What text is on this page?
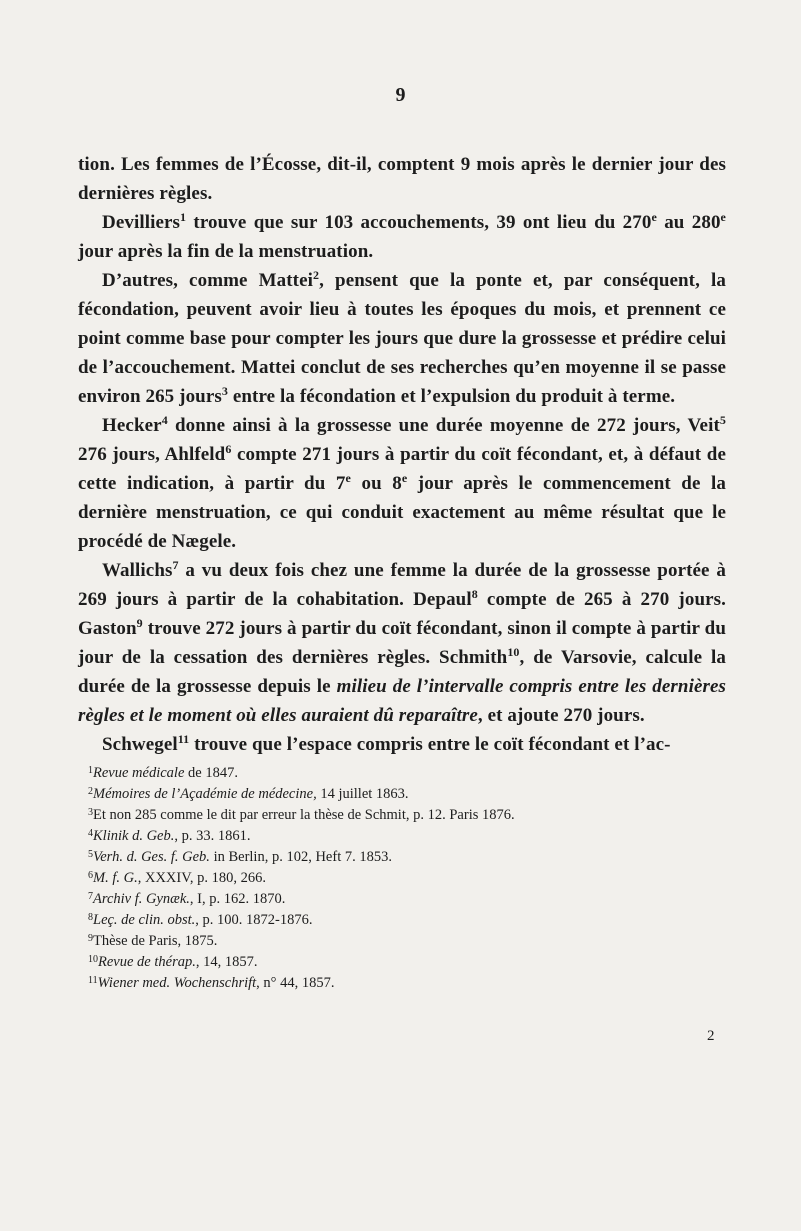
9

tion. Les femmes de l’Écosse, dit-il, comptent 9 mois après le dernier jour des dernières règles.

Devilliers$^1$ trouve que sur 103 accouchements, 39 ont lieu du 270e au 280e jour après la fin de la menstruation.

D’autres, comme Mattei$^2$, pensent que la ponte et, par conséquent, la fécondation, peuvent avoir lieu à toutes les époques du mois, et prennent ce point comme base pour compter les jours que dure la grossesse et prédire celui de l’accouchement. Mattei conclut de ses recherches qu’en moyenne il se passe environ 265 jours$^3$ entre la fécondation et l’expulsion du produit à terme.

Hecker$^4$ donne ainsi à la grossesse une durée moyenne de 272 jours, Veit$^5$ 276 jours, Ahlfeld$^6$ compte 271 jours à partir du coït fécondant, et, à défaut de cette indication, à partir du 7e ou 8e jour après le commencement de la dernière menstruation, ce qui conduit exactement au même résultat que le procédé de Nægele.

Wallichs$^7$ a vu deux fois chez une femme la durée de la grossesse portée à 269 jours à partir de la cohabitation. Depaul$^8$ compte de 265 à 270 jours. Gaston$^9$ trouve 272 jours à partir du coït fécondant, sinon il compte à partir du jour de la cessation des dernières règles. Schmith$^{10}$, de Varsovie, calcule la durée de la grossesse depuis le milieu de l’intervalle compris entre les dernières règles et le moment où elles auraient dû reparaître, et ajoute 270 jours.

Schwegel$^{11}$ trouve que l’espace compris entre le coït fécondant et l’ac-

$^1$Revue médicale de 1847.

$^2$Mémoires de l’Açadémie de médecine, 14 juillet 1863.

$^3$Et non 285 comme le dit par erreur la thèse de Schmit, p. 12. Paris 1876.

$^4$Klinik d. Geb., p. 33. 1861.

$^5$Verh. d. Ges. f. Geb. in Berlin, p. 102, Heft 7. 1853.

$^6$M. f. G., XXXIV, p. 180, 266.

$^7$Archiv f. Gynæk., I, p. 162. 1870.

$^8$Leç. de clin. obst., p. 100. 1872-1876.

$^9$Thèse de Paris, 1875.

$^{10}$Revue de thérap., 14, 1857.

$^{11}$Wiener med. Wochenschrift, n° 44, 1857.

2
